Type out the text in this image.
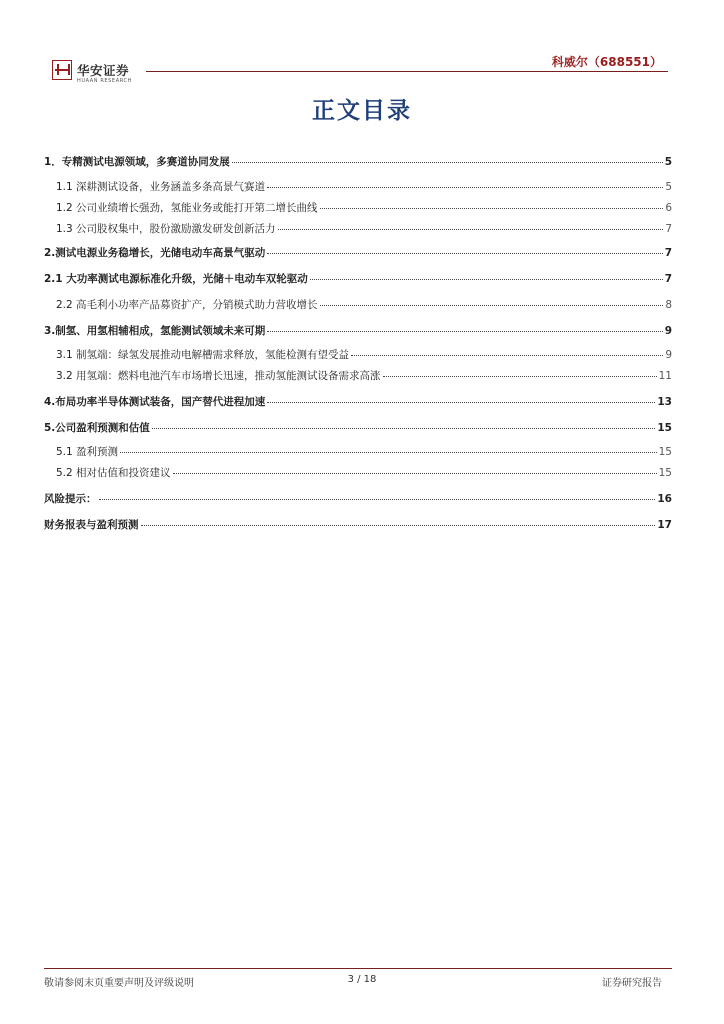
华安证券
HUAAN RESEARCH
科威尔（688551）
正文目录
1．专精测试电源领域，多赛道协同发展	5
1.1 深耕测试设备，业务涵盖多条高景气赛道	5
1.2 公司业绩增长强劲，氢能业务或能打开第二增长曲线	6
1.3 公司股权集中，股份激励激发研发创新活力	7
2.测试电源业务稳增长，光储电动车高景气驱动	7
2.1 大功率测试电源标准化升级，光储＋电动车双轮驱动	7
2.2 高毛利小功率产品募资扩产，分销模式助力营收增长	8
3.制氢、用氢相辅相成，氢能测试领域未来可期	9
3.1 制氢端：绿氢发展推动电解槽需求释放，氢能检测有望受益	9
3.2 用氢端：燃料电池汽车市场增长迅速，推动氢能测试设备需求高涨	11
4.布局功率半导体测试装备，国产替代进程加速	13
5.公司盈利预测和估值	15
5.1 盈利预测	15
5.2 相对估值和投资建议	15
风险提示：	16
财务报表与盈利预测	17
敬请参阅末页重要声明及评级说明	3 / 18	证券研究报告
